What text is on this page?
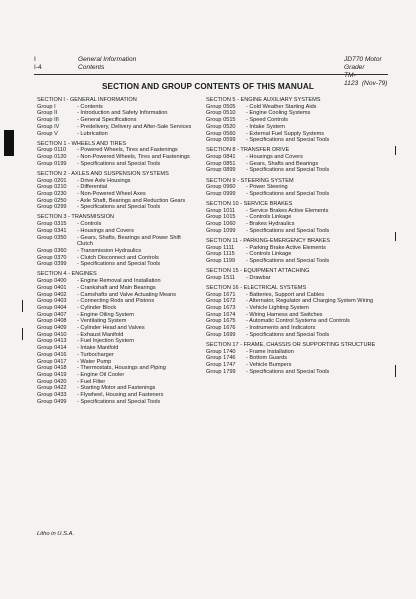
I
I-4
General Information
Contents
JD770 Motor Grader
TM-1123 (Nov-79)
SECTION AND GROUP CONTENTS OF THIS MANUAL
SECTION I - GENERAL INFORMATION
Group I	- Contents
Group II	- Introduction and Safety Information
Group III	- General Specifications
Group IV	- Predelivery, Delivery and After-Sale Services
Group V	- Lubrication
SECTION 1 - WHEELS AND TIRES
Group 0110	- Powered Wheels, Tires and Fastenings
Group 0120	- Non-Powered Wheels, Tires and Fastenings
Group 0199	- Specifications and Special Tools
SECTION 2 - AXLES AND SUSPENSION SYSTEMS
Group 0201	- Drive Axle Housings
Group 0210	- Differential
Group 0230	- Non-Powered Wheel Axes
Group 0250	- Axle Shaft, Bearings and Reduction Gears
Group 0299	- Specifications and Special Tools
SECTION 3 - TRANSMISSION
Group 0315	- Controls
Group 0341	- Housings and Covers
Group 0350	- Gears, Shafts, Bearings and Power Shift Clutch
Group 0360	- Transmission Hydraulics
Group 0370	- Clutch Disconnect and Controls
Group 0399	- Specifications and Special Tools
SECTION 4 - ENGINES
Group 0400	- Engine Removal and Installation
Group 0401	- Crankshaft and Main Bearings
Group 0402	- Camshafts and Valve Actuating Means
Group 0403	- Connecting Rods and Pistons
Group 0404	- Cylinder Block
Group 0407	- Engine Oiling System
Group 0408	- Ventilating System
Group 0409	- Cylinder Head and Valves
Group 0410	- Exhaust Manifold
Group 0413	- Fuel Injection System
Group 0414	- Intake Manifold
Group 0416	- Turbocharger
Group 0417	- Water Pump
Group 0418	- Thermostats, Housings and Piping
Group 0419	- Engine Oil Cooler
Group 0420	- Fuel Filter
Group 0422	- Starting Motor and Fastenings
Group 0433	- Flywheel, Housing and Fasteners
Group 0499	- Specifications and Special Tools
SECTION 5 - ENGINE AUXILIARY SYSTEMS
Group 0505	- Cold Weather Starting Aids
Group 0510	- Engine Cooling Systems
Group 0515	- Speed Controls
Group 0520	- Intake System
Group 0560	- External Fuel Supply Systems
Group 0599	- Specifications and Special Tools
SECTION 8 - TRANSFER DRIVE
Group 0841	- Housings and Covers
Group 0851	- Gears, Shafts and Bearings
Group 0899	- Specifications and Special Tools
SECTION 9 - STEERING SYSTEM
Group 0960	- Power Steering
Group 0999	- Specifications and Special Tools
SECTION 10 - SERVICE BRAKES
Group 1011	- Service Brakes Active Elements
Group 1015	- Controls Linkage
Group 1060	- Brakes Hydraulics
Group 1099	- Specifications and Special Tools
SECTION 11 - PARKING-EMERGENCY BRAKES
Group 1111	- Parking Brake Active Elements
Group 1115	- Controls Linkage
Group 1199	- Specifications and Special Tools
SECTION 15 - EQUIPMENT ATTACHING
Group 1511	- Drawbar
SECTION 16 - ELECTRICAL SYSTEMS
Group 1671	- Batteries, Support and Cables
Group 1672	- Alternator, Regulator and Charging System Wiring
Group 1673	- Vehicle Lighting System
Group 1674	- Wiring Harness and Switches
Group 1675	- Automatic Control Systems and Controls
Group 1676	- Instruments and Indicators
Group 1699	- Specifications and Special Tools
SECTION 17 - FRAME, CHASSIS OR SUPPORTING STRUCTURE
Group 1740	- Frame Installation
Group 1746	- Bottom Guards
Group 1747	- Vehicle Bumpers
Group 1799	- Specifications and Special Tools
Litho in U.S.A.
